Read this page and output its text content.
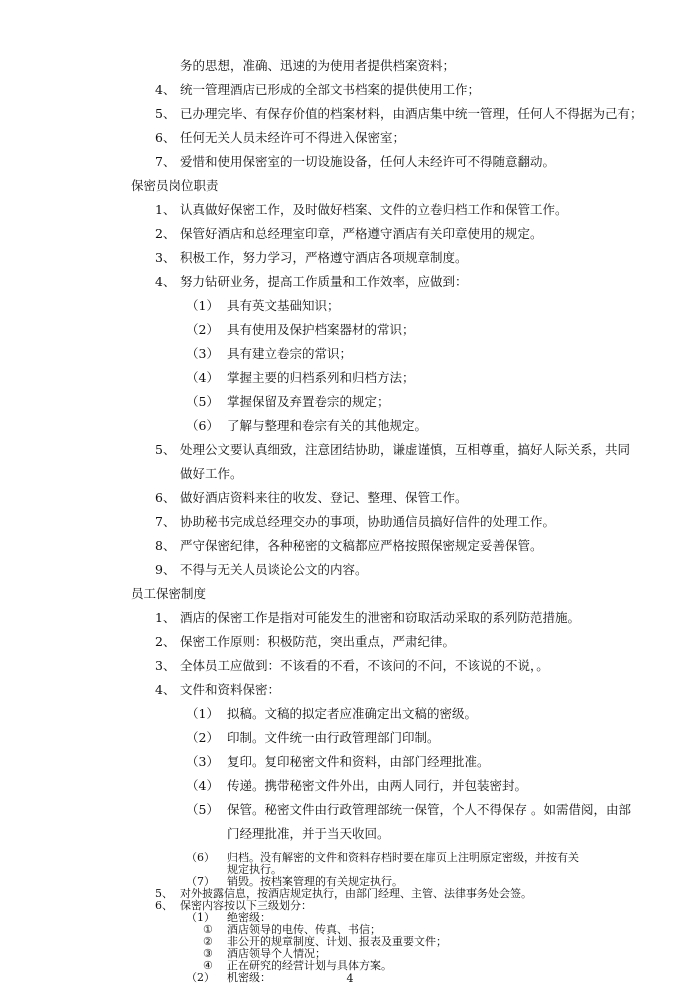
务的思想，准确、迅速的为使用者提供档案资料；
4、 统一管理酒店已形成的全部文书档案的提供使用工作；
5、 已办理完毕、有保存价值的档案材料，由酒店集中统一管理，任何人不得据为己有；
6、 任何无关人员未经许可不得进入保密室；
7、 爱惜和使用保密室的一切设施设备，任何人未经许可不得随意翻动。
保密员岗位职责
1、 认真做好保密工作，及时做好档案、文件的立卷归档工作和保管工作。
2、 保管好酒店和总经理室印章，严格遵守酒店有关印章使用的规定。
3、 积极工作，努力学习，严格遵守酒店各项规章制度。
4、 努力钻研业务，提高工作质量和工作效率，应做到：
（1） 具有英文基础知识；
（2） 具有使用及保护档案器材的常识；
（3） 具有建立卷宗的常识；
（4） 掌握主要的归档系列和归档方法；
（5） 掌握保留及弃置卷宗的规定；
（6） 了解与整理和卷宗有关的其他规定。
5、 处理公文要认真细致，注意团结协助，谦虚谨慎，互相尊重，搞好人际关系，共同
做好工作。
6、 做好酒店资料来往的收发、登记、整理、保管工作。
7、 协助秘书完成总经理交办的事项，协助通信员搞好信件的处理工作。
8、 严守保密纪律，各种秘密的文稿都应严格按照保密规定妥善保管。
9、 不得与无关人员谈论公文的内容。
员工保密制度
1、 酒店的保密工作是指对可能发生的泄密和窃取活动采取的系列防范措施。
2、 保密工作原则：积极防范，突出重点，严肃纪律。
3、 全体员工应做到：不该看的不看，不该问的不问，不该说的不说，。
4、 文件和资料保密：
（1） 拟稿。文稿的拟定者应准确定出文稿的密级。
（2） 印制。文件统一由行政管理部门印制。
（3） 复印。复印秘密文件和资料，由部门经理批准。
（4） 传递。携带秘密文件外出，由两人同行，并包装密封。
（5） 保管。秘密文件由行政管理部统一保管，个人不得保存 。如需借阅，由部
门经理批准，并于当天收回。
（6） 归档。没有解密的文件和资料存档时要在扉页上注明原定密级，并按有关
规定执行。
（7） 销毁。按档案管理的有关规定执行。
5、 对外披露信息，按酒店规定执行，由部门经理、主管、法律事务处会签。
6、 保密内容按以下三级划分：
（1） 绝密级：
① 酒店领导的电传、传真、书信；
② 非公开的规章制度、计划、报表及重要文件；
③ 酒店领导个人情况；
④ 正在研究的经营计划与具体方案。
（2） 机密级：	4
